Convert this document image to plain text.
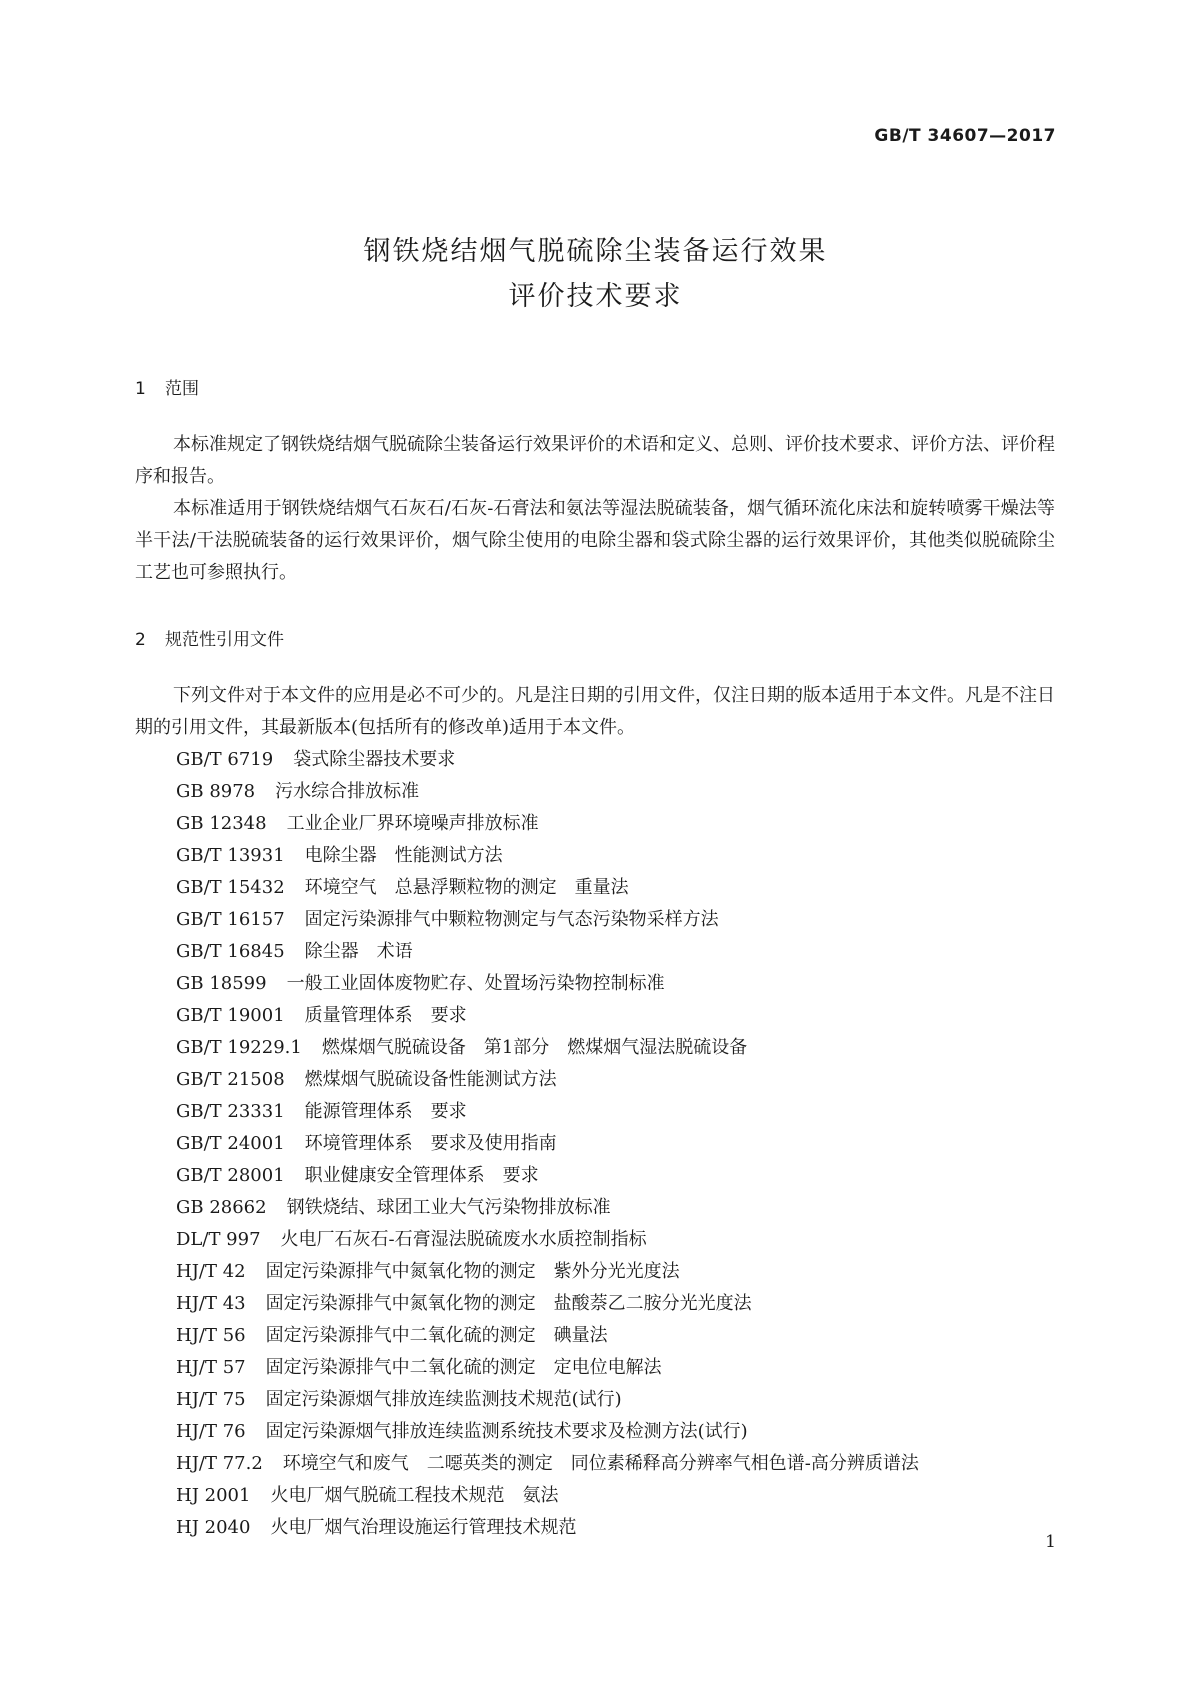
GB/T 34607—2017
钢铁烧结烟气脱硫除尘装备运行效果
评价技术要求
1 范围

本标准规定了钢铁烧结烟气脱硫除尘装备运行效果评价的术语和定义、总则、评价技术要求、评价方法、评价程序和报告。

本标准适用于钢铁烧结烟气石灰石/石灰-石膏法和氨法等湿法脱硫装备，烟气循环流化床法和旋转喷雾干燥法等半干法/干法脱硫装备的运行效果评价，烟气除尘使用的电除尘器和袋式除尘器的运行效果评价，其他类似脱硫除尘工艺也可参照执行。

2 规范性引用文件

下列文件对于本文件的应用是必不可少的。凡是注日期的引用文件，仅注日期的版本适用于本文件。凡是不注日期的引用文件，其最新版本(包括所有的修改单)适用于本文件。

GB/T 6719 袋式除尘器技术要求
GB 8978 污水综合排放标准
GB 12348 工业企业厂界环境噪声排放标准
GB/T 13931 电除尘器　性能测试方法
GB/T 15432 环境空气　总悬浮颗粒物的测定　重量法
GB/T 16157 固定污染源排气中颗粒物测定与气态污染物采样方法
GB/T 16845 除尘器　术语
GB 18599 一般工业固体废物贮存、处置场污染物控制标准
GB/T 19001 质量管理体系　要求
GB/T 19229.1 燃煤烟气脱硫设备　第1部分　燃煤烟气湿法脱硫设备
GB/T 21508 燃煤烟气脱硫设备性能测试方法
GB/T 23331 能源管理体系　要求
GB/T 24001 环境管理体系　要求及使用指南
GB/T 28001 职业健康安全管理体系　要求
GB 28662 钢铁烧结、球团工业大气污染物排放标准
DL/T 997 火电厂石灰石-石膏湿法脱硫废水水质控制指标
HJ/T 42 固定污染源排气中氮氧化物的测定　紫外分光光度法
HJ/T 43 固定污染源排气中氮氧化物的测定　盐酸萘乙二胺分光光度法
HJ/T 56 固定污染源排气中二氧化硫的测定　碘量法
HJ/T 57 固定污染源排气中二氧化硫的测定　定电位电解法
HJ/T 75 固定污染源烟气排放连续监测技术规范(试行)
HJ/T 76 固定污染源烟气排放连续监测系统技术要求及检测方法(试行)
HJ/T 77.2 环境空气和废气　二噁英类的测定　同位素稀释高分辨率气相色谱-高分辨质谱法
HJ 2001 火电厂烟气脱硫工程技术规范　氨法
HJ 2040 火电厂烟气治理设施运行管理技术规范
1
